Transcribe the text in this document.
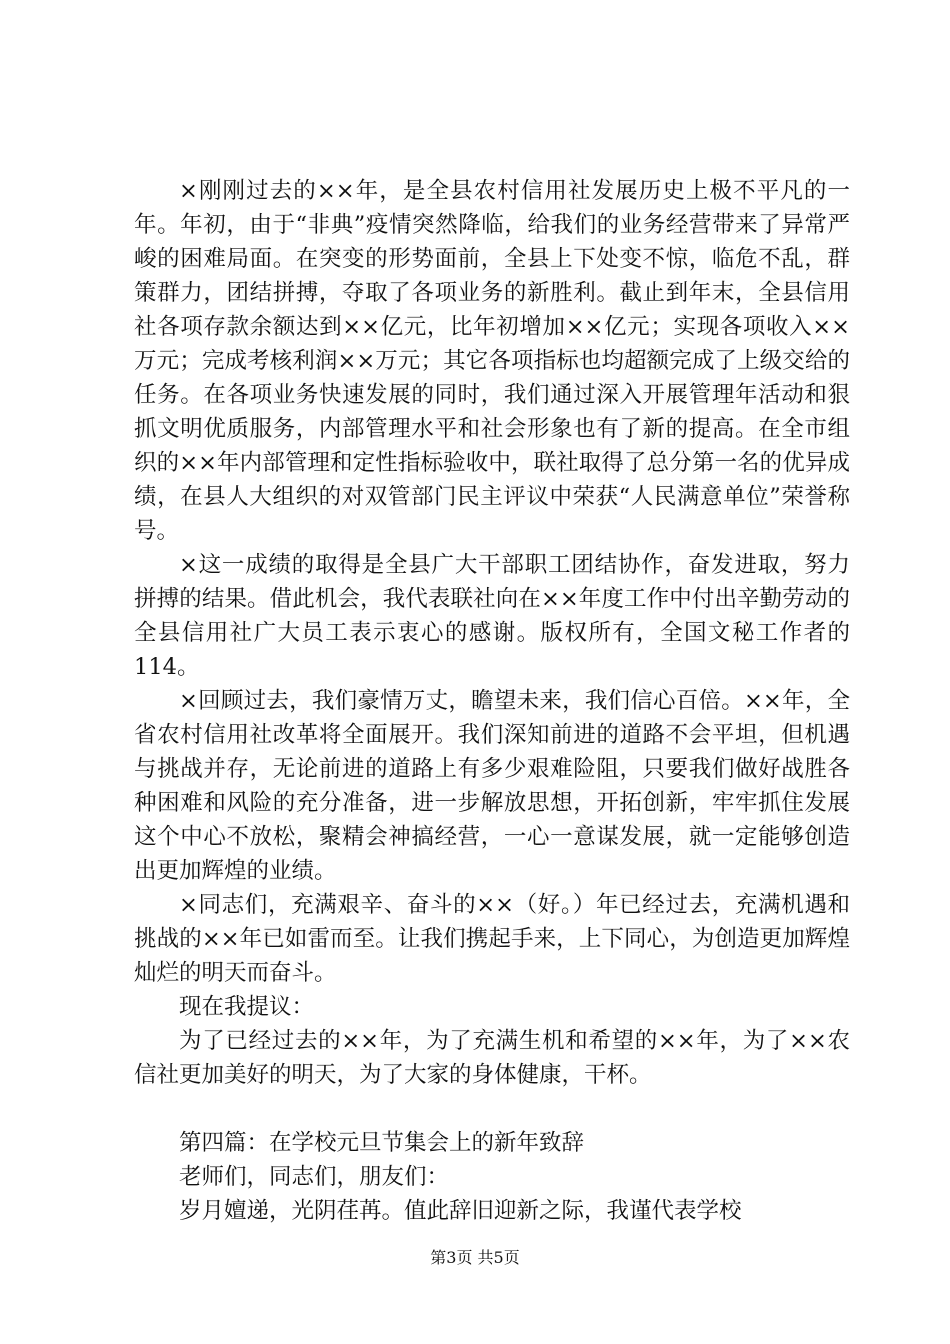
×刚刚过去的××年，是全县农村信用社发展历史上极不平凡的一年。年初，由于“非典”疫情突然降临，给我们的业务经营带来了异常严峻的困难局面。在突变的形势面前，全县上下处变不惊，临危不乱，群策群力，团结拼搏，夺取了各项业务的新胜利。截止到年末，全县信用社各项存款余额达到××亿元，比年初增加××亿元；实现各项收入××万元；完成考核利润××万元；其它各项指标也均超额完成了上级交给的任务。在各项业务快速发展的同时，我们通过深入开展管理年活动和狠抓文明优质服务，内部管理水平和社会形象也有了新的提高。在全市组织的××年内部管理和定性指标验收中，联社取得了总分第一名的优异成绩，在县人大组织的对双管部门民主评议中荣获“人民满意单位”荣誉称号。

×这一成绩的取得是全县广大干部职工团结协作，奋发进取，努力拼搏的结果。借此机会，我代表联社向在××年度工作中付出辛勤劳动的全县信用社广大员工表示衷心的感谢。版权所有，全国文秘工作者的114。

×回顾过去，我们豪情万丈，瞻望未来，我们信心百倍。××年，全省农村信用社改革将全面展开。我们深知前进的道路不会平坦，但机遇与挑战并存，无论前进的道路上有多少艰难险阻，只要我们做好战胜各种困难和风险的充分准备，进一步解放思想，开拓创新，牢牢抓住发展这个中心不放松，聚精会神搞经营，一心一意谋发展，就一定能够创造出更加辉煌的业绩。

×同志们，充满艰辛、奋斗的××（好。）年已经过去，充满机遇和挑战的××年已如雷而至。让我们携起手来，上下同心，为创造更加辉煌灿烂的明天而奋斗。

现在我提议：

为了已经过去的××年，为了充满生机和希望的××年，为了××农信社更加美好的明天，为了大家的身体健康，干杯。

第四篇：在学校元旦节集会上的新年致辞

老师们，同志们，朋友们：

岁月嬗递，光阴荏苒。值此辞旧迎新之际，我谨代表学校

第3页 共5页
